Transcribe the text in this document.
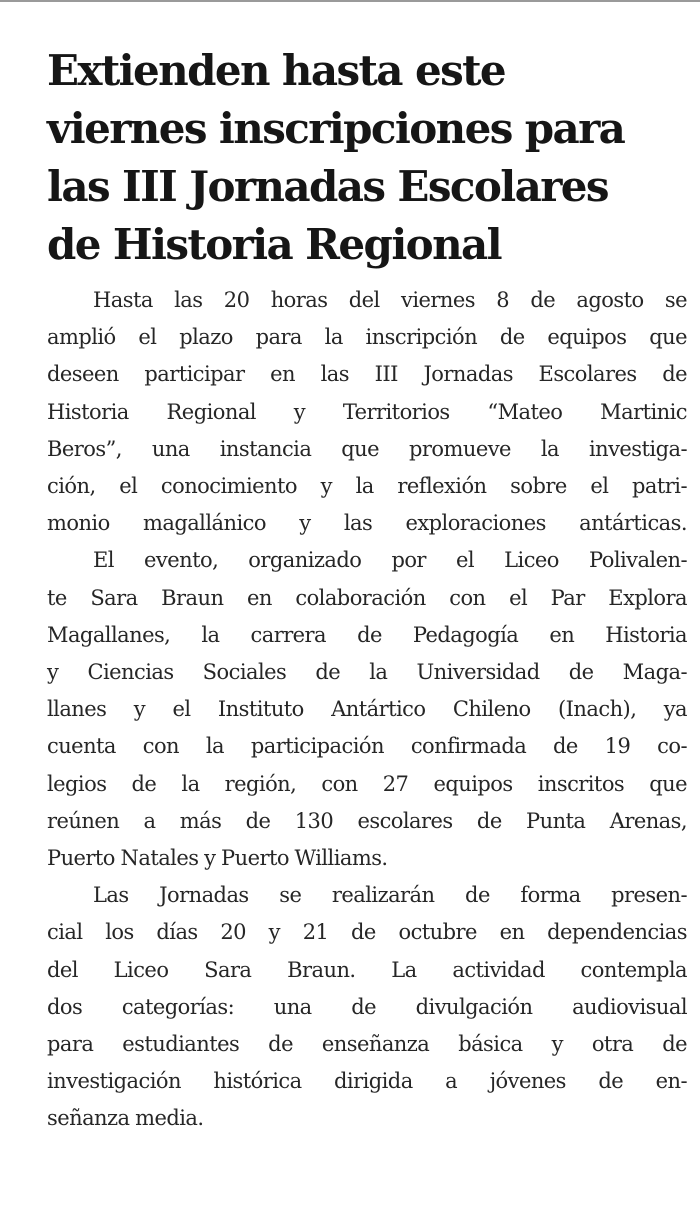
Extienden hasta este
viernes inscripciones para
las III Jornadas Escolares
de Historia Regional

Hasta las 20 horas del viernes 8 de agosto se
amplió el plazo para la inscripción de equipos que
deseen participar en las III Jornadas Escolares de
Historia Regional y Territorios “Mateo Martinic
Beros”, una instancia que promueve la investiga-
ción, el conocimiento y la reflexión sobre el patri-
monio magallánico y las exploraciones antárticas.

El evento, organizado por el Liceo Polivalen-
te Sara Braun en colaboración con el Par Explora
Magallanes, la carrera de Pedagogía en Historia
y Ciencias Sociales de la Universidad de Maga-
llanes y el Instituto Antártico Chileno (Inach), ya
cuenta con la participación confirmada de 19 co-
legios de la región, con 27 equipos inscritos que
reúnen a más de 130 escolares de Punta Arenas,
Puerto Natales y Puerto Williams.

Las Jornadas se realizarán de forma presen-
cial los días 20 y 21 de octubre en dependencias
del Liceo Sara Braun. La actividad contempla
dos categorías: una de divulgación audiovisual
para estudiantes de enseñanza básica y otra de
investigación histórica dirigida a jóvenes de en-
señanza media.
